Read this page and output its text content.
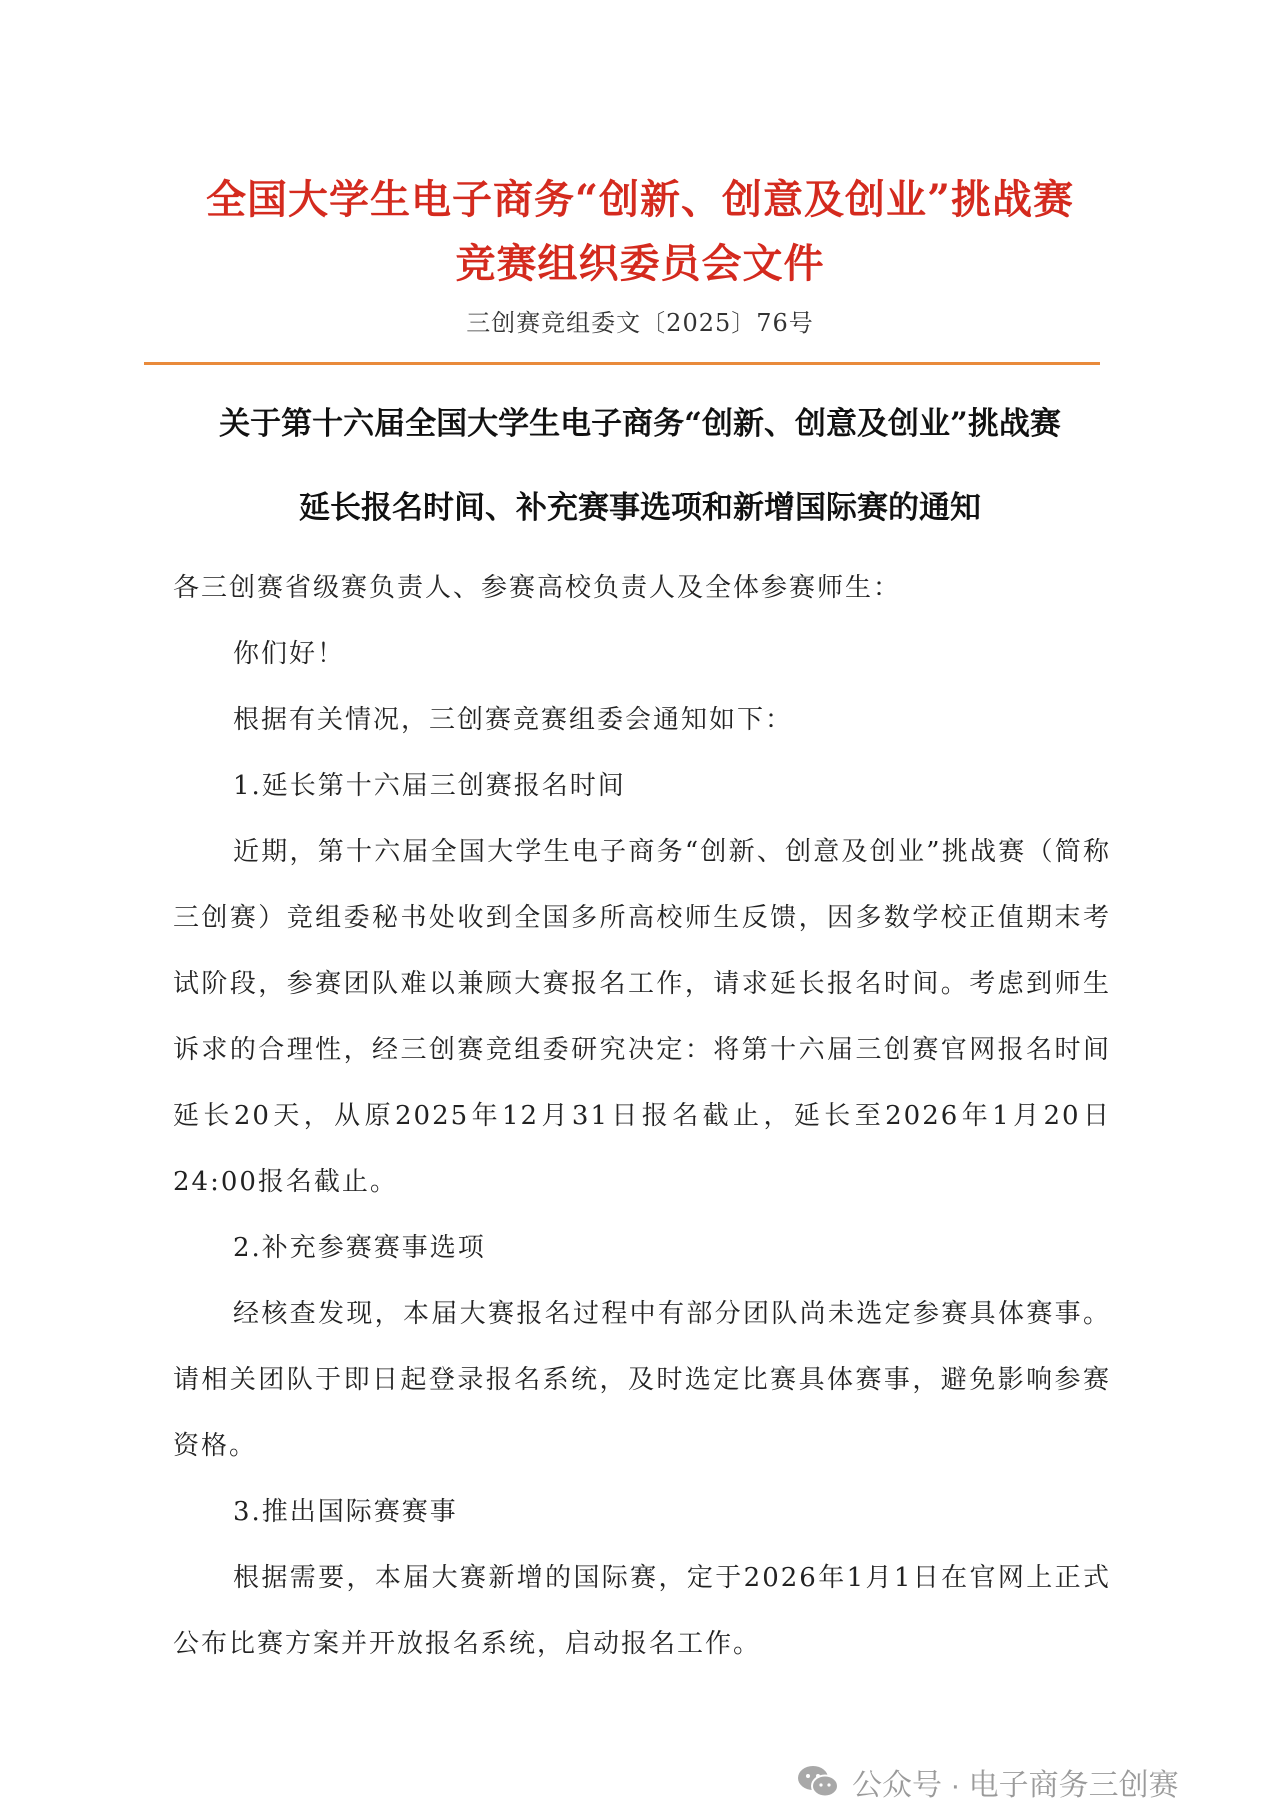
全国大学生电子商务“创新、创意及创业”挑战赛
竞赛组织委员会文件
三创赛竞组委文〔2025〕76号
关于第十六届全国大学生电子商务“创新、创意及创业”挑战赛
延长报名时间、补充赛事选项和新增国际赛的通知

各三创赛省级赛负责人、参赛高校负责人及全体参赛师生：

你们好！

根据有关情况，三创赛竞赛组委会通知如下：

1.延长第十六届三创赛报名时间

近期，第十六届全国大学生电子商务“创新、创意及创业”挑战赛（简称三创赛）竞组委秘书处收到全国多所高校师生反馈，因多数学校正值期末考试阶段，参赛团队难以兼顾大赛报名工作，请求延长报名时间。考虑到师生诉求的合理性，经三创赛竞组委研究决定：将第十六届三创赛官网报名时间延长20天，从原2025年12月31日报名截止，延长至2026年1月20日24:00报名截止。

2.补充参赛赛事选项

经核查发现，本届大赛报名过程中有部分团队尚未选定参赛具体赛事。请相关团队于即日起登录报名系统，及时选定比赛具体赛事，避免影响参赛资格。

3.推出国际赛赛事

根据需要，本届大赛新增的国际赛，定于2026年1月1日在官网上正式公布比赛方案并开放报名系统，启动报名工作。

公众号 · 电子商务三创赛
